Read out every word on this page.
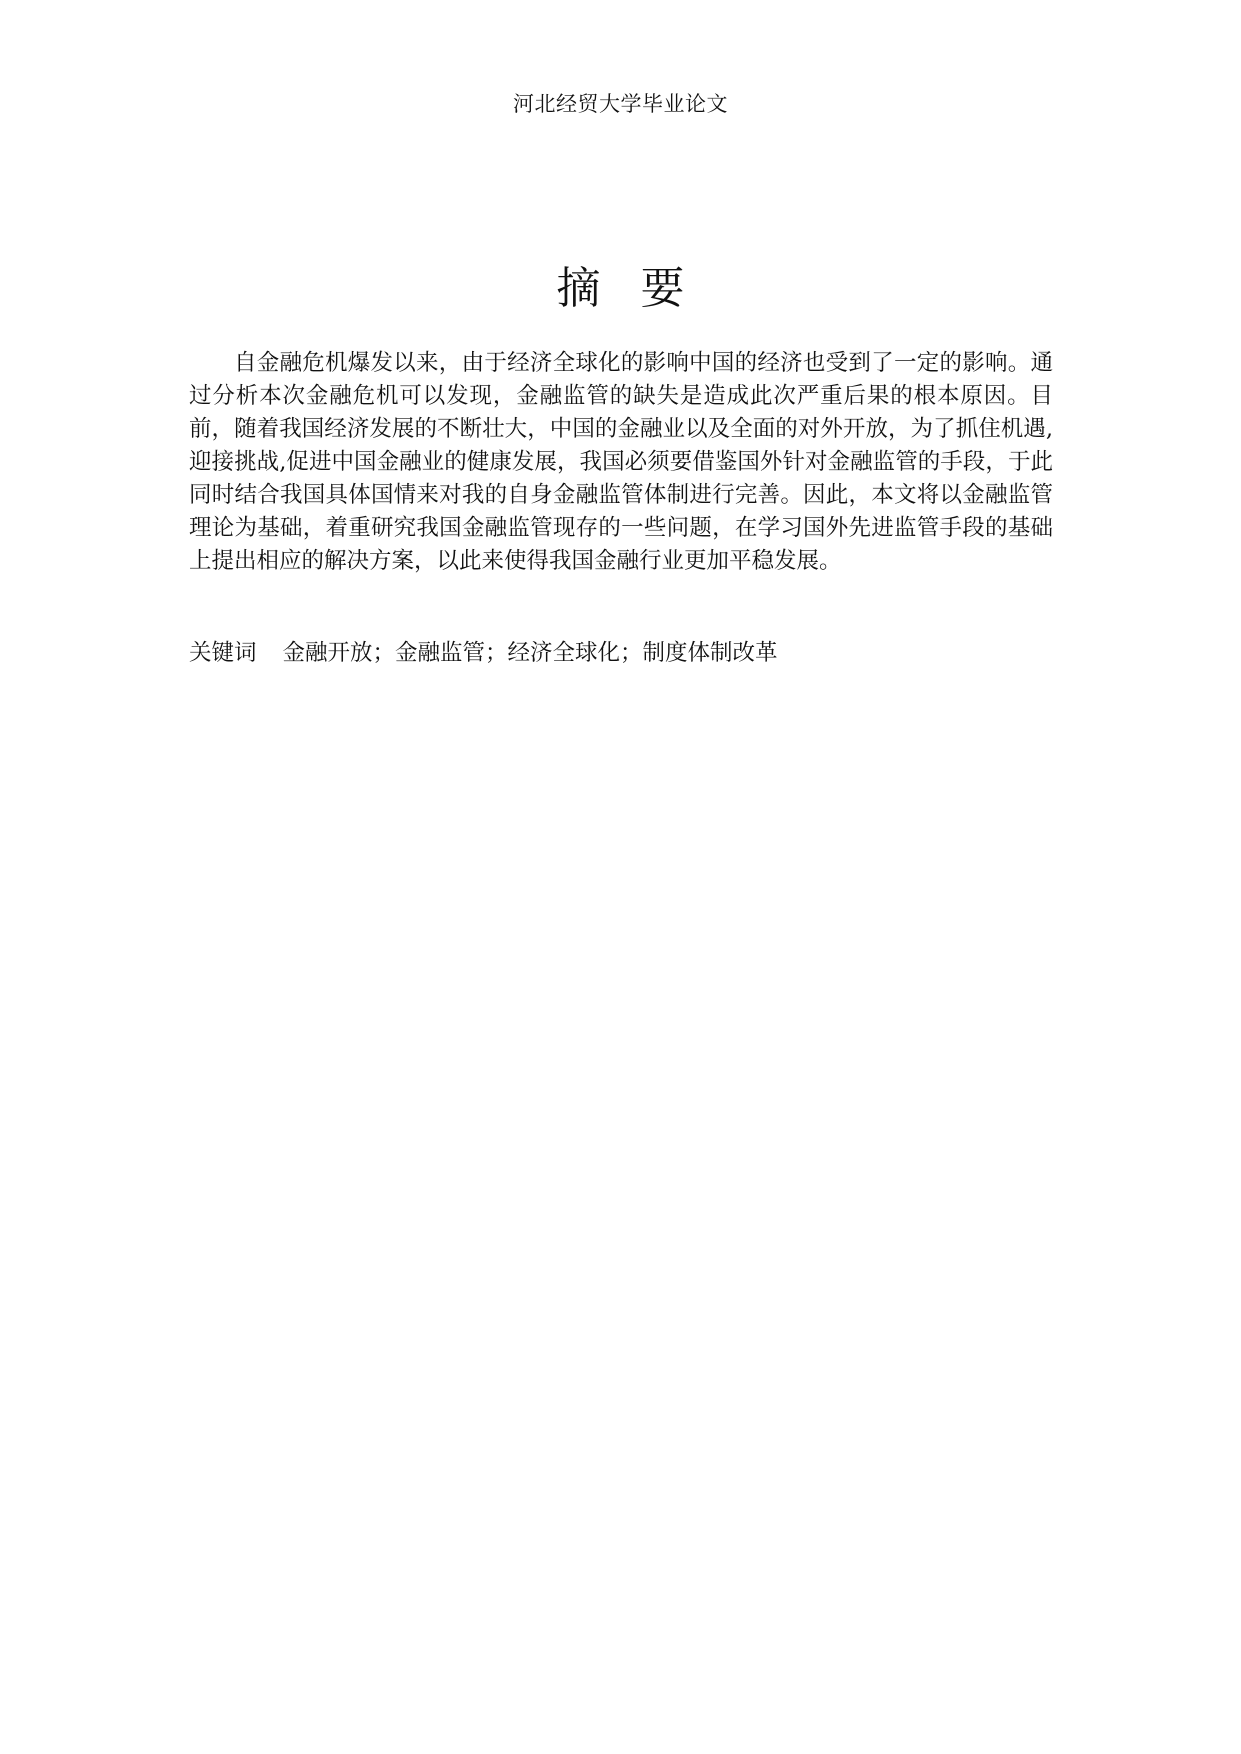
河北经贸大学毕业论文
摘要

自金融危机爆发以来，由于经济全球化的影响中国的经济也受到了一定的影响。通过分析本次金融危机可以发现，金融监管的缺失是造成此次严重后果的根本原因。目前，随着我国经济发展的不断壮大，中国的金融业以及全面的对外开放，为了抓住机遇,迎接挑战,促进中国金融业的健康发展，我国必须要借鉴国外针对金融监管的手段，于此同时结合我国具体国情来对我的自身金融监管体制进行完善。因此，本文将以金融监管理论为基础，着重研究我国金融监管现存的一些问题，在学习国外先进监管手段的基础上提出相应的解决方案，以此来使得我国金融行业更加平稳发展。

关键词 金融开放；金融监管；经济全球化；制度体制改革
